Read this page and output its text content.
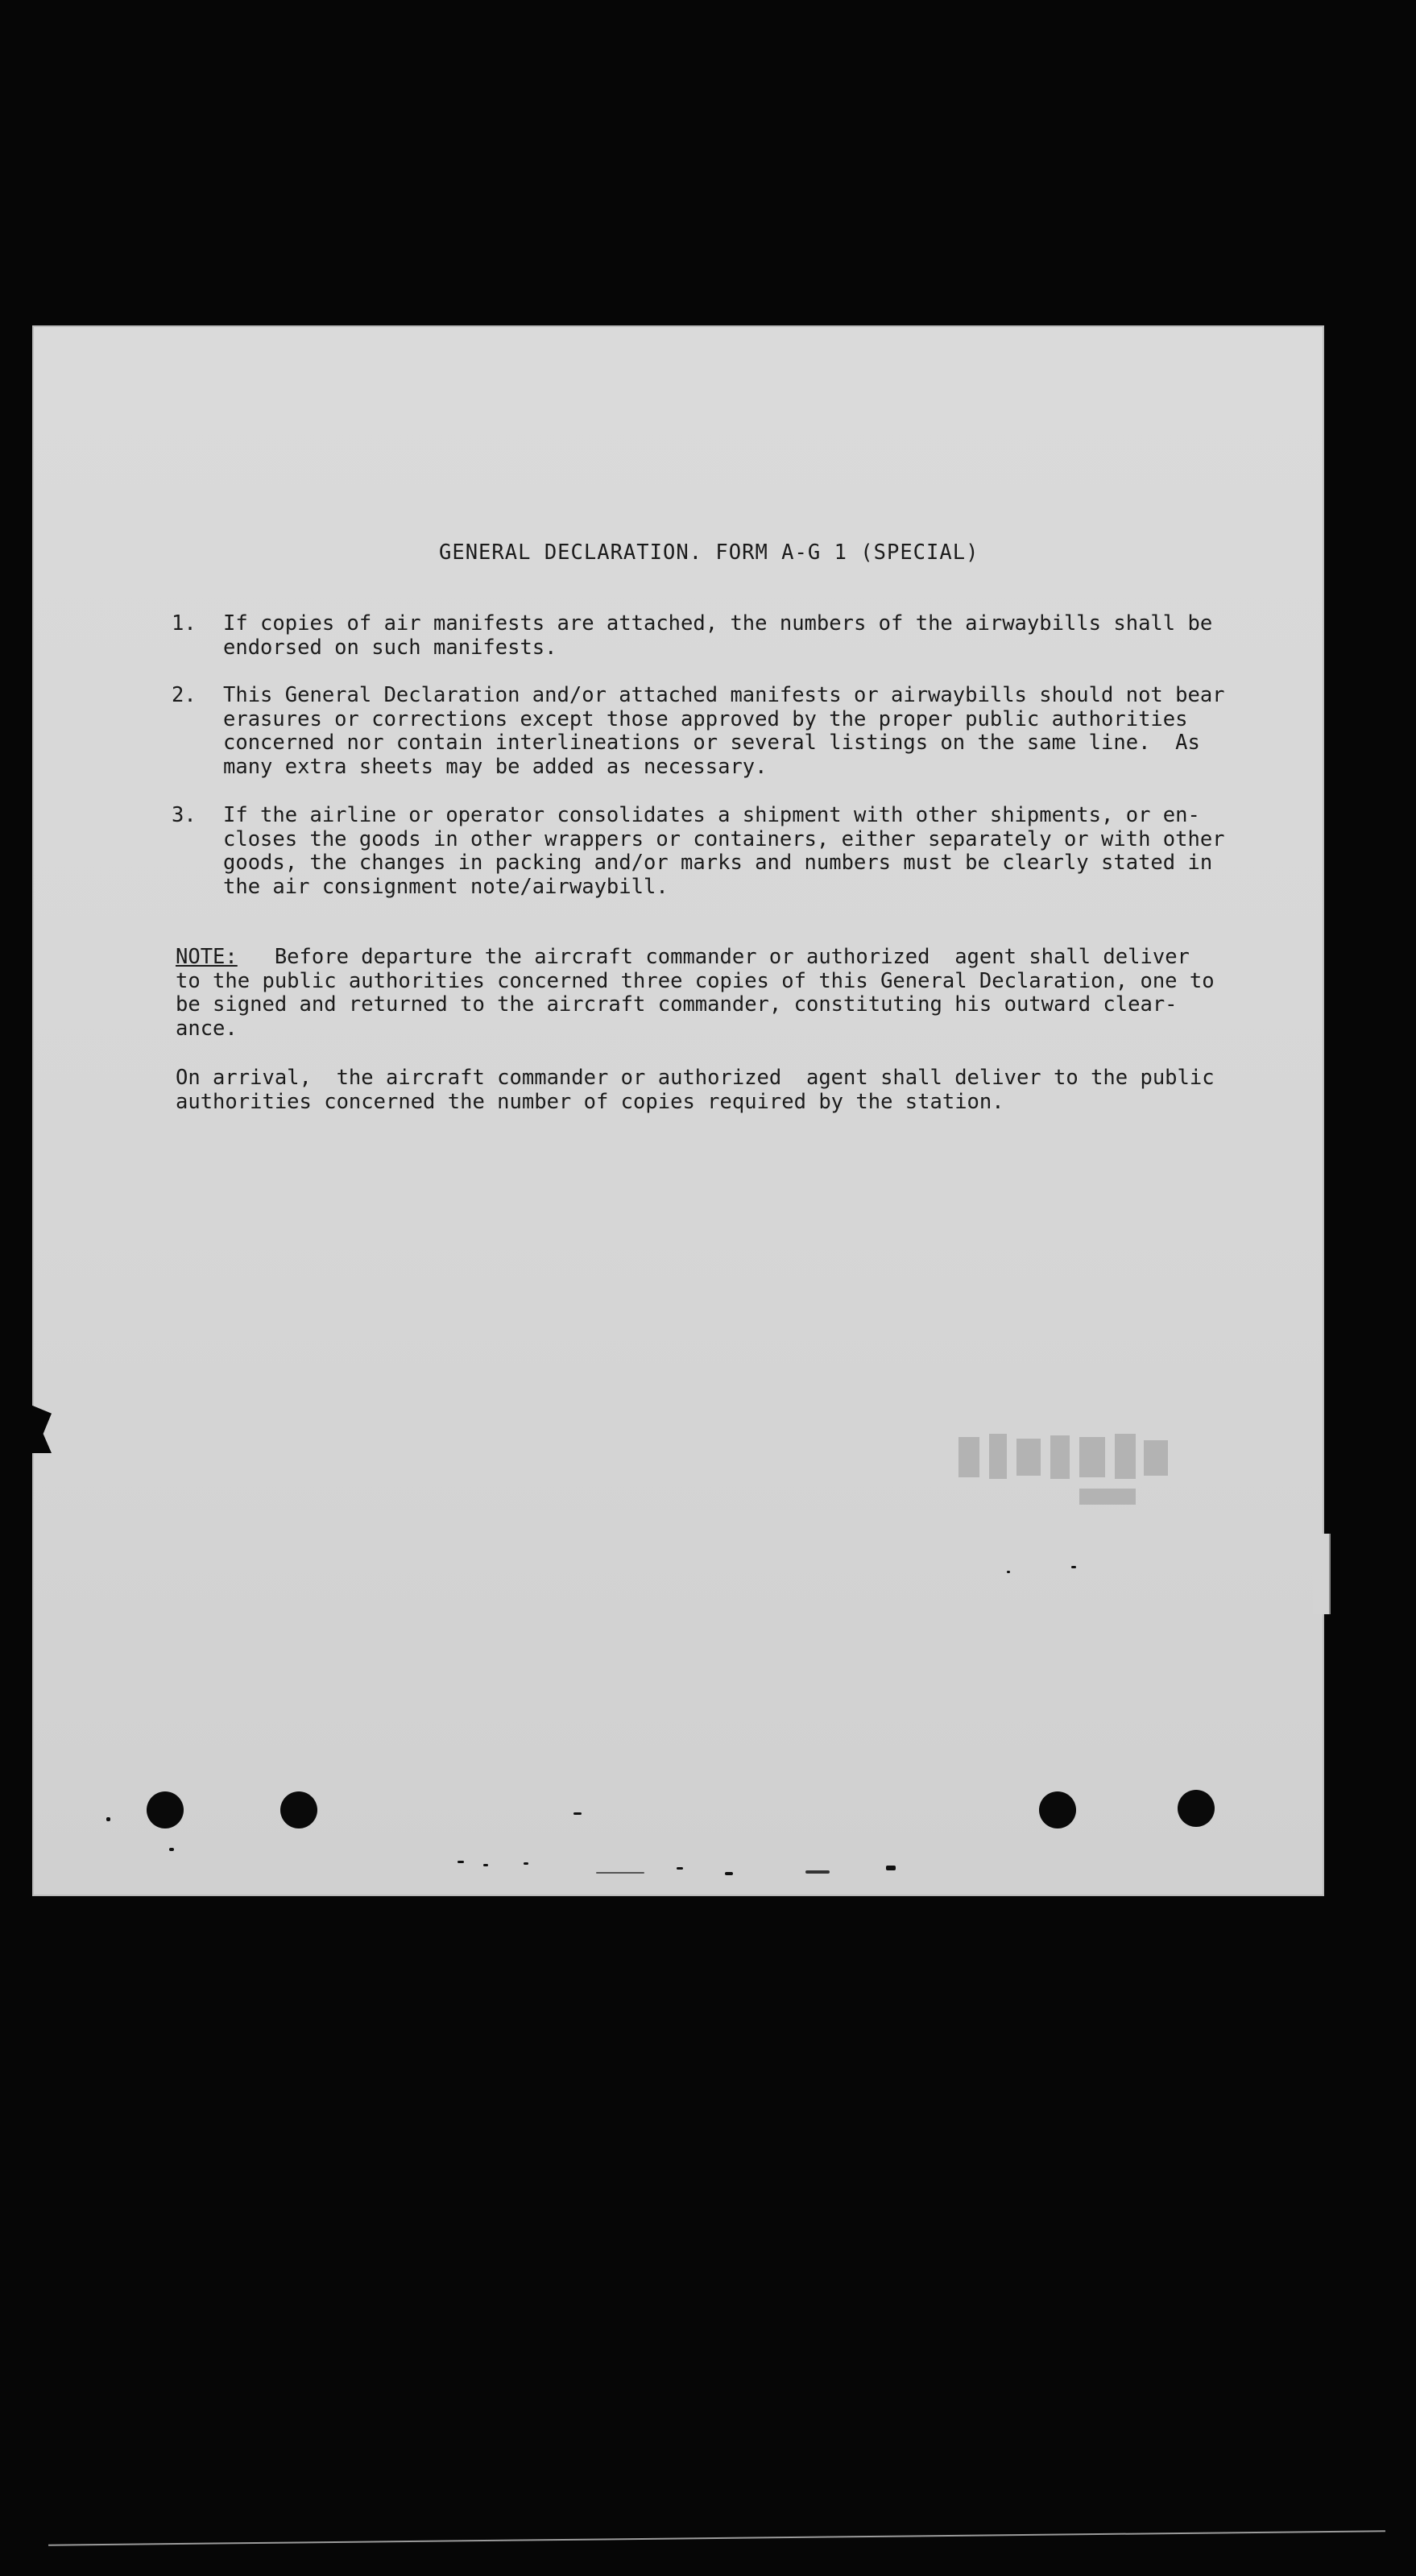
GENERAL DECLARATION. FORM A-G 1 (SPECIAL)
1. If copies of air manifests are attached, the numbers of the airwaybills shall be
endorsed on such manifests.
2. This General Declaration and/or attached manifests or airwaybills should not bear
erasures or corrections except those approved by the proper public authorities
concerned nor contain interlineations or several listings on the same line.  As
many extra sheets may be added as necessary.
3. If the airline or operator consolidates a shipment with other shipments, or en-
closes the goods in other wrappers or containers, either separately or with other
goods, the changes in packing and/or marks and numbers must be clearly stated in
the air consignment note/airwaybill.
NOTE:   Before departure the aircraft commander or authorized  agent shall deliver
to the public authorities concerned three copies of this General Declaration, one to
be signed and returned to the aircraft commander, constituting his outward clear-
ance.
On arrival,  the aircraft commander or authorized  agent shall deliver to the public
authorities concerned the number of copies required by the station.
